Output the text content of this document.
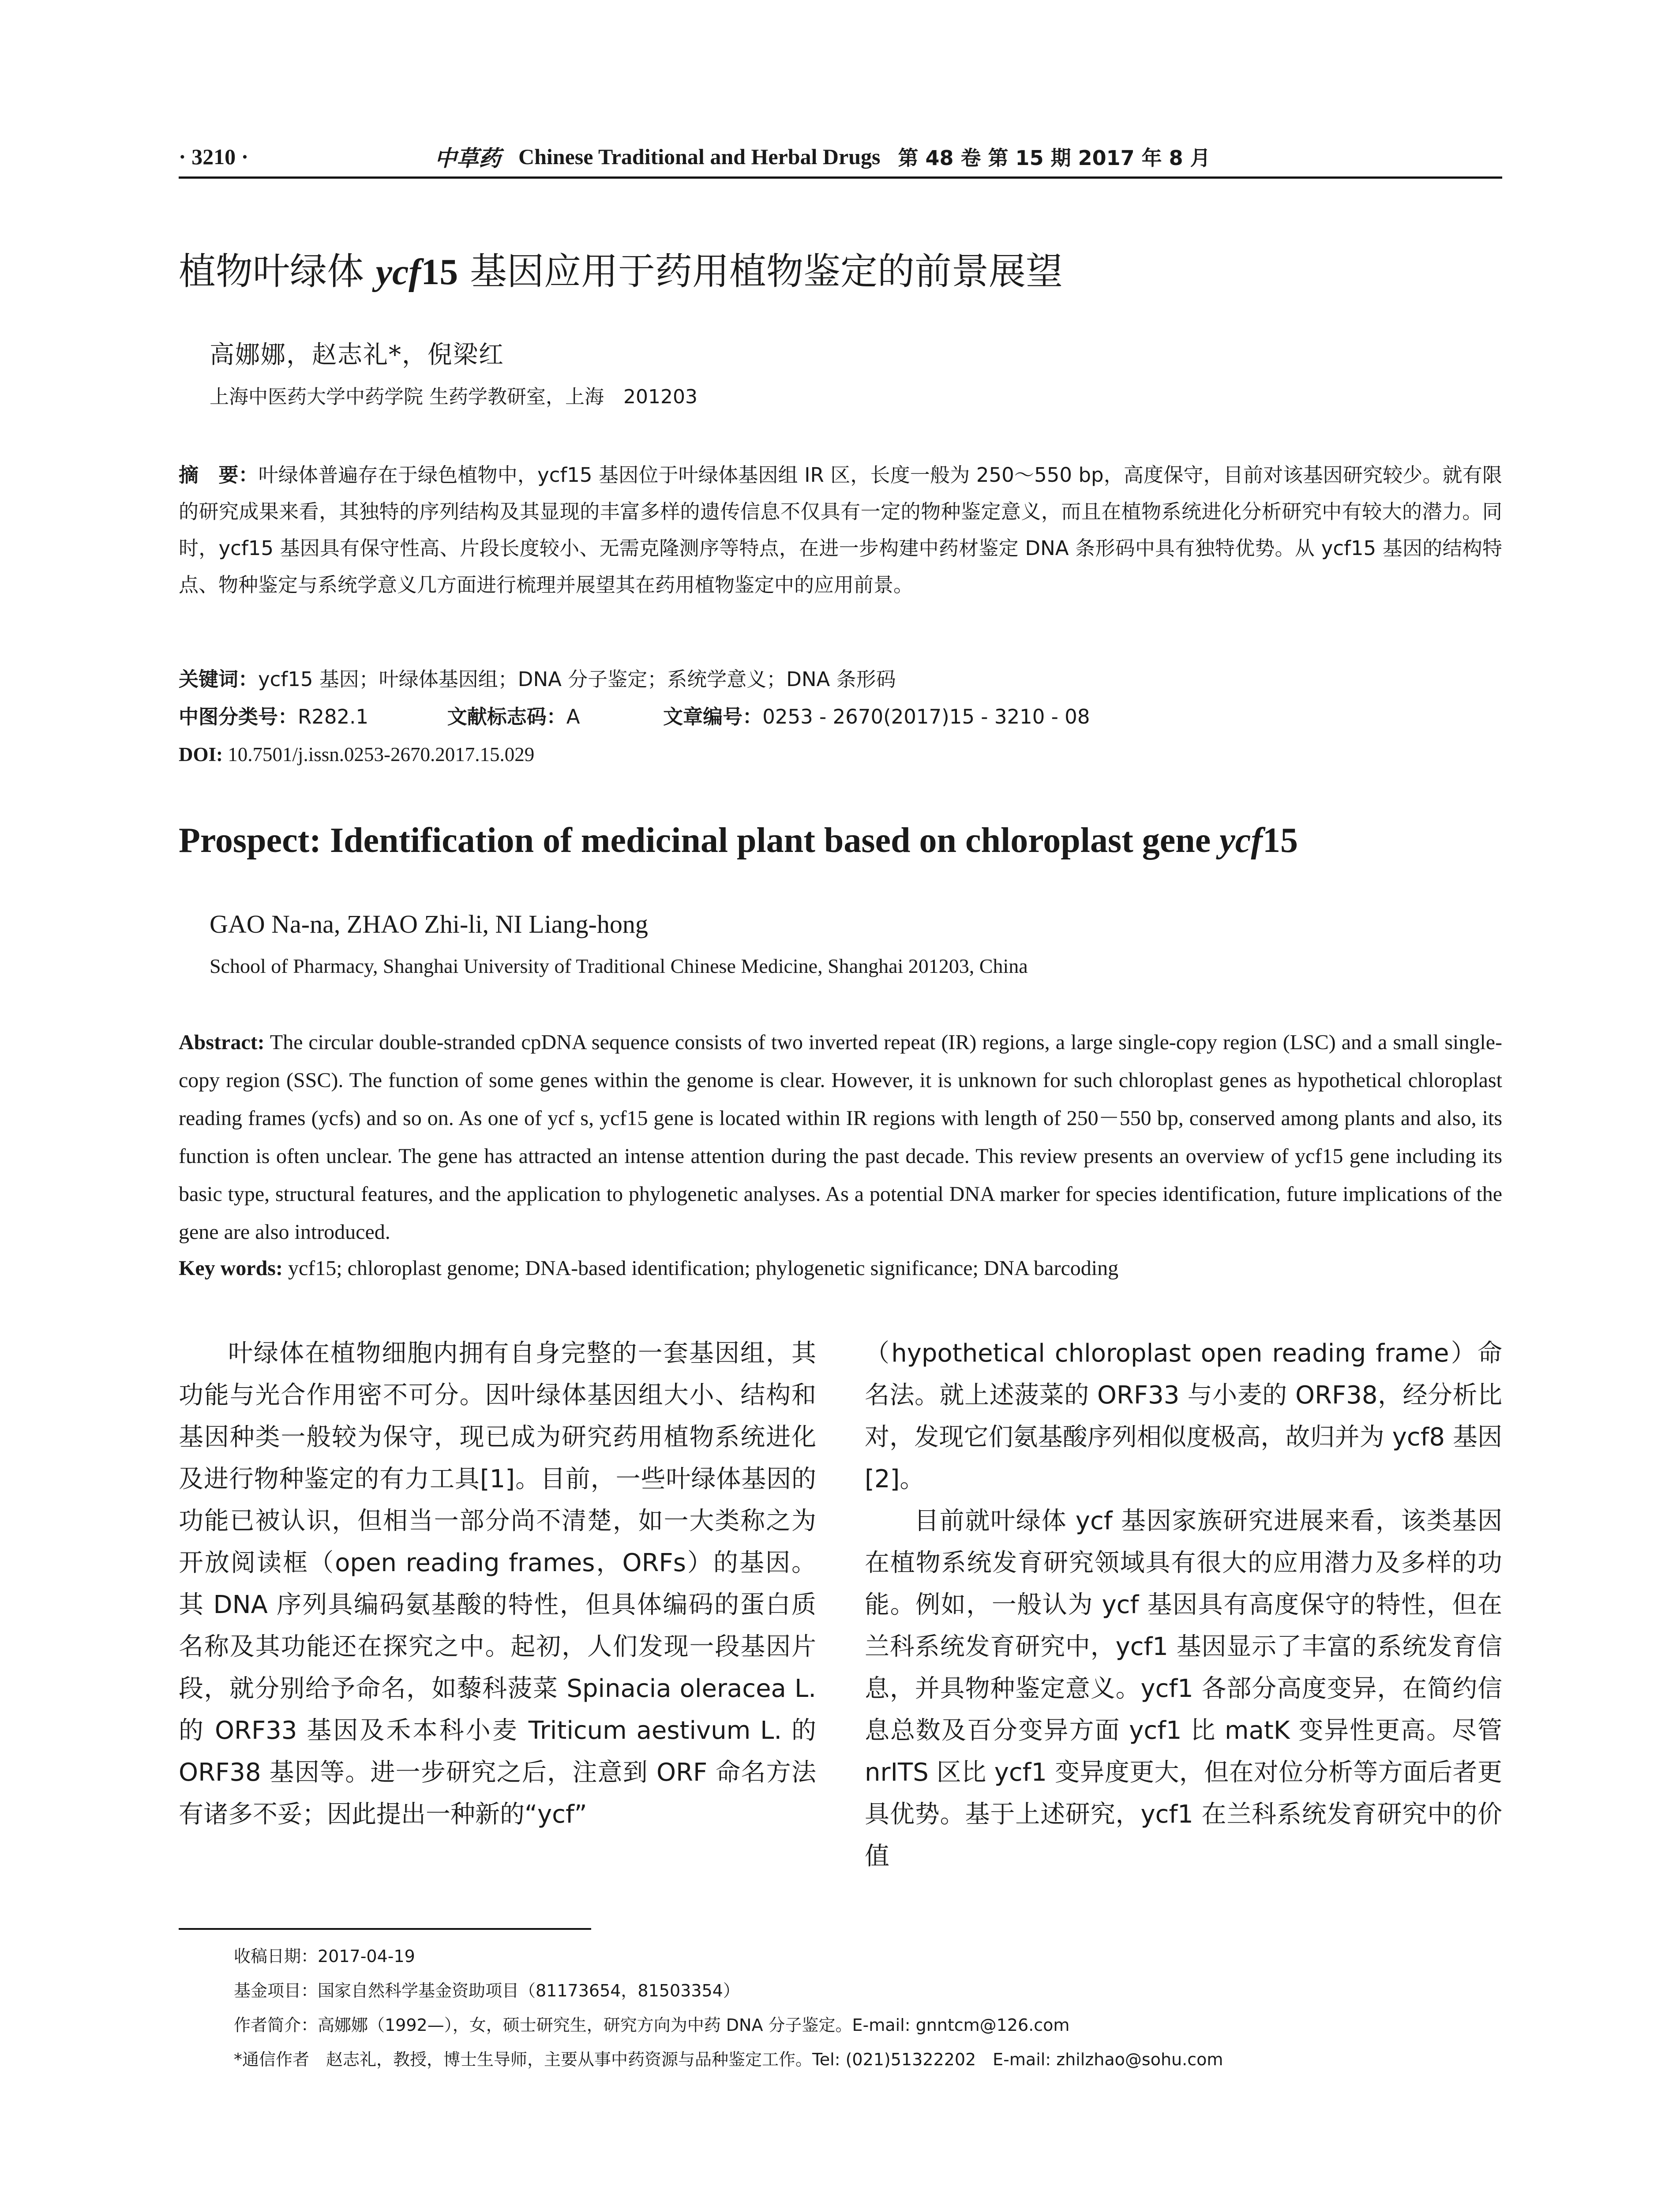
· 3210 ·	中草药 Chinese Traditional and Herbal Drugs 第 48 卷 第 15 期 2017 年 8 月
植物叶绿体 ycf15 基因应用于药用植物鉴定的前景展望
高娜娜，赵志礼*，倪梁红
上海中医药大学中药学院 生药学教研室，上海　201203
摘　要：叶绿体普遍存在于绿色植物中，ycf15 基因位于叶绿体基因组 IR 区，长度一般为 250～550 bp，高度保守，目前对该基因研究较少。就有限的研究成果来看，其独特的序列结构及其显现的丰富多样的遗传信息不仅具有一定的物种鉴定意义，而且在植物系统进化分析研究中有较大的潜力。同时，ycf15 基因具有保守性高、片段长度较小、无需克隆测序等特点，在进一步构建中药材鉴定 DNA 条形码中具有独特优势。从 ycf15 基因的结构特点、物种鉴定与系统学意义几方面进行梳理并展望其在药用植物鉴定中的应用前景。
关键词：ycf15 基因；叶绿体基因组；DNA 分子鉴定；系统学意义；DNA 条形码
中图分类号：R282.1	文献标志码：A	文章编号：0253 - 2670(2017)15 - 3210 - 08
DOI: 10.7501/j.issn.0253-2670.2017.15.029
Prospect: Identification of medicinal plant based on chloroplast gene ycf15
GAO Na-na, ZHAO Zhi-li, NI Liang-hong
School of Pharmacy, Shanghai University of Traditional Chinese Medicine, Shanghai 201203, China
Abstract: The circular double-stranded cpDNA sequence consists of two inverted repeat (IR) regions, a large single-copy region (LSC) and a small single-copy region (SSC). The function of some genes within the genome is clear. However, it is unknown for such chloroplast genes as hypothetical chloroplast reading frames (ycfs) and so on. As one of ycf s, ycf15 gene is located within IR regions with length of 250－550 bp, conserved among plants and also, its function is often unclear. The gene has attracted an intense attention during the past decade. This review presents an overview of ycf15 gene including its basic type, structural features, and the application to phylogenetic analyses. As a potential DNA marker for species identification, future implications of the gene are also introduced.
Key words: ycf15; chloroplast genome; DNA-based identification; phylogenetic significance; DNA barcoding

叶绿体在植物细胞内拥有自身完整的一套基因组，其功能与光合作用密不可分。因叶绿体基因组大小、结构和基因种类一般较为保守，现已成为研究药用植物系统进化及进行物种鉴定的有力工具[1]。目前，一些叶绿体基因的功能已被认识，但相当一部分尚不清楚，如一大类称之为开放阅读框（open reading frames，ORFs）的基因。其 DNA 序列具编码氨基酸的特性，但具体编码的蛋白质名称及其功能还在探究之中。起初，人们发现一段基因片段，就分别给予命名，如藜科菠菜 Spinacia oleracea L. 的 ORF33 基因及禾本科小麦 Triticum aestivum L. 的 ORF38 基因等。进一步研究之后，注意到 ORF 命名方法有诸多不妥；因此提出一种新的“ycf”

（hypothetical chloroplast open reading frame）命名法。就上述菠菜的 ORF33 与小麦的 ORF38，经分析比对，发现它们氨基酸序列相似度极高，故归并为 ycf8 基因[2]。

目前就叶绿体 ycf 基因家族研究进展来看，该类基因在植物系统发育研究领域具有很大的应用潜力及多样的功能。例如，一般认为 ycf 基因具有高度保守的特性，但在兰科系统发育研究中，ycf1 基因显示了丰富的系统发育信息，并具物种鉴定意义。ycf1 各部分高度变异，在简约信息总数及百分变异方面 ycf1 比 matK 变异性更高。尽管 nrITS 区比 ycf1 变异度更大，但在对位分析等方面后者更具优势。基于上述研究，ycf1 在兰科系统发育研究中的价值

收稿日期：2017-04-19
基金项目：国家自然科学基金资助项目（81173654，81503354）
作者简介：高娜娜（1992—），女，硕士研究生，研究方向为中药 DNA 分子鉴定。E-mail: gnntcm@126.com
*通信作者　赵志礼，教授，博士生导师，主要从事中药资源与品种鉴定工作。Tel: (021)51322202　E-mail: zhilzhao@sohu.com
